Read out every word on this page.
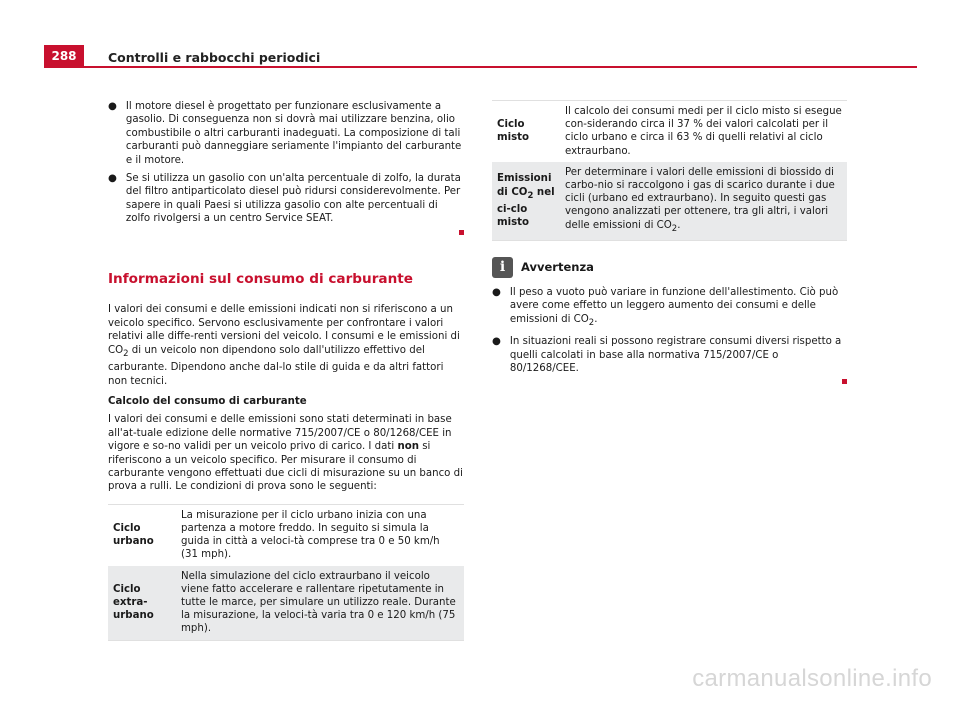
288	Controlli e rabbocchi periodici
● Il motore diesel è progettato per funzionare esclusivamente a gasolio. Di conseguenza non si dovrà mai utilizzare benzina, olio combustibile o altri carburanti inadeguati. La composizione di tali carburanti può danneggiare seriamente l'impianto del carburante e il motore.
● Se si utilizza un gasolio con un'alta percentuale di zolfo, la durata del filtro antiparticolato diesel può ridursi considerevolmente. Per sapere in quali Paesi si utilizza gasolio con alte percentuali di zolfo rivolgersi a un centro Service SEAT.
Informazioni sul consumo di carburante

I valori dei consumi e delle emissioni indicati non si riferiscono a un veicolo specifico. Servono esclusivamente per confrontare i valori relativi alle diffe-renti versioni del veicolo. I consumi e le emissioni di $CO_2$ di un veicolo non dipendono solo dall'utilizzo effettivo del carburante. Dipendono anche dal-lo stile di guida e da altri fattori non tecnici.

Calcolo del consumo di carburante

I valori dei consumi e delle emissioni sono stati determinati in base all'at-tuale edizione delle normative 715/2007/CE o 80/1268/CEE in vigore e so-no validi per un veicolo privo di carico. I dati non si riferiscono a un veicolo specifico. Per misurare il consumo di carburante vengono effettuati due cicli di misurazione su un banco di prova a rulli. Le condizioni di prova sono le seguenti:

Ciclo urbano	La misurazione per il ciclo urbano inizia con una partenza a motore freddo. In seguito si simula la guida in città a veloci-tà comprese tra 0 e 50 km/h (31 mph).
Ciclo extra-urbano	Nella simulazione del ciclo extraurbano il veicolo viene fatto accelerare e rallentare ripetutamente in tutte le marce, per simulare un utilizzo reale. Durante la misurazione, la veloci-tà varia tra 0 e 120 km/h (75 mph).
Ciclo misto	Il calcolo dei consumi medi per il ciclo misto si esegue con-siderando circa il 37 % dei valori calcolati per il ciclo urbano e circa il 63 % di quelli relativi al ciclo extraurbano.
Emissioni di $CO_2$ nel ci-clo misto	Per determinare i valori delle emissioni di biossido di carbo-nio si raccolgono i gas di scarico durante i due cicli (urbano ed extraurbano). In seguito questi gas vengono analizzati per ottenere, tra gli altri, i valori delle emissioni di $CO_2$.
i	Avvertenza
● Il peso a vuoto può variare in funzione dell'allestimento. Ciò può avere come effetto un leggero aumento dei consumi e delle emissioni di $CO_2$.
● In situazioni reali si possono registrare consumi diversi rispetto a quelli calcolati in base alla normativa 715/2007/CE o 80/1268/CEE.
carmanualsonline.info
